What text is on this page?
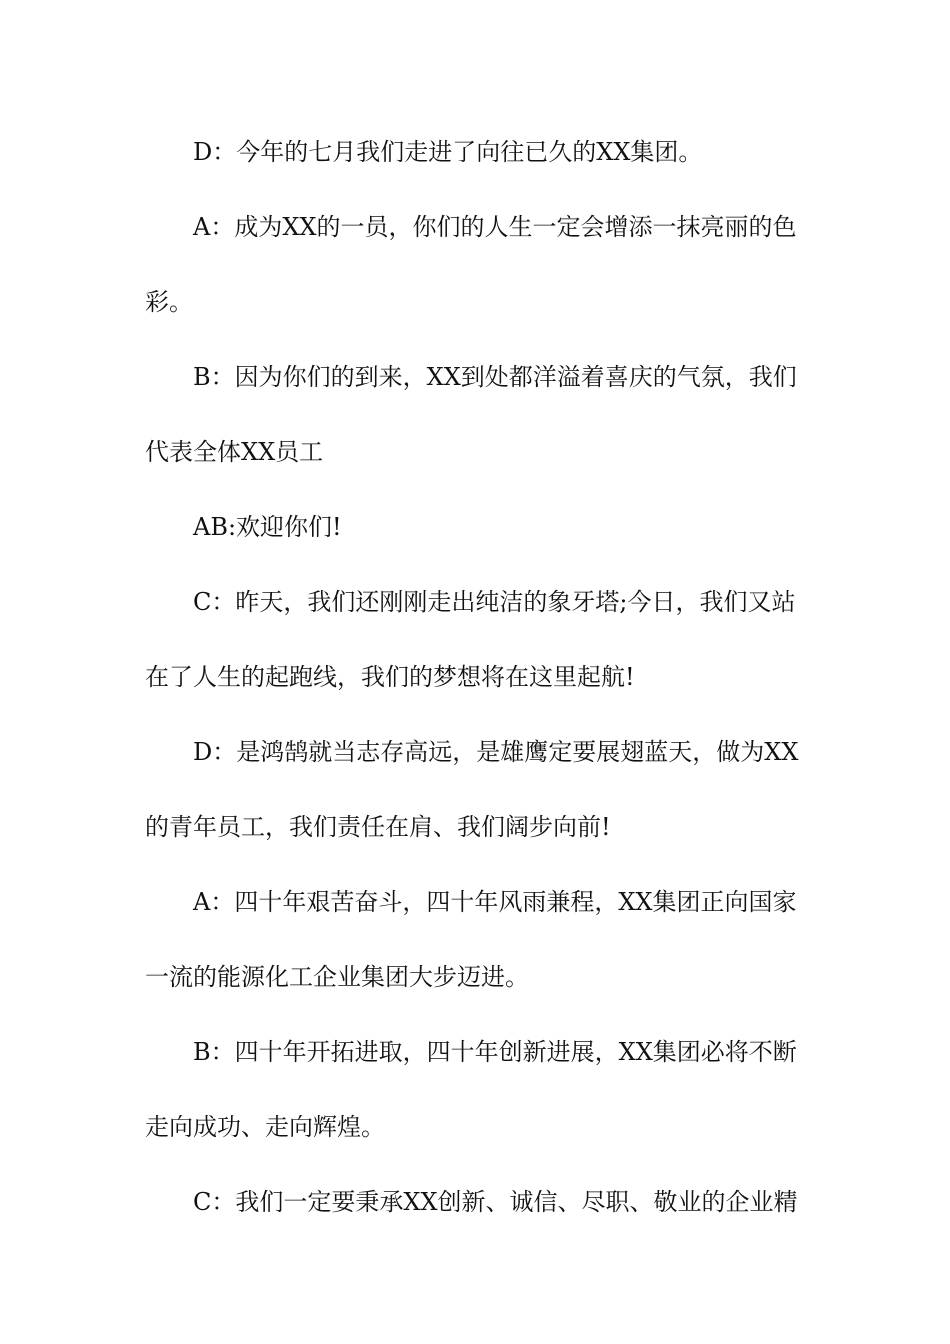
D：今年的七月我们走进了向往已久的XX集团。
A：成为XX的一员，你们的人生一定会增添一抹亮丽的色
彩。
B：因为你们的到来，XX到处都洋溢着喜庆的气氛，我们
代表全体XX员工
AB:欢迎你们!
C：昨天，我们还刚刚走出纯洁的象牙塔;今日，我们又站
在了人生的起跑线，我们的梦想将在这里起航!
D：是鸿鹄就当志存高远，是雄鹰定要展翅蓝天，做为XX
的青年员工，我们责任在肩、我们阔步向前!
A：四十年艰苦奋斗，四十年风雨兼程，XX集团正向国家
一流的能源化工企业集团大步迈进。
B：四十年开拓进取，四十年创新进展，XX集团必将不断
走向成功、走向辉煌。
C：我们一定要秉承XX创新、诚信、尽职、敬业的企业精
